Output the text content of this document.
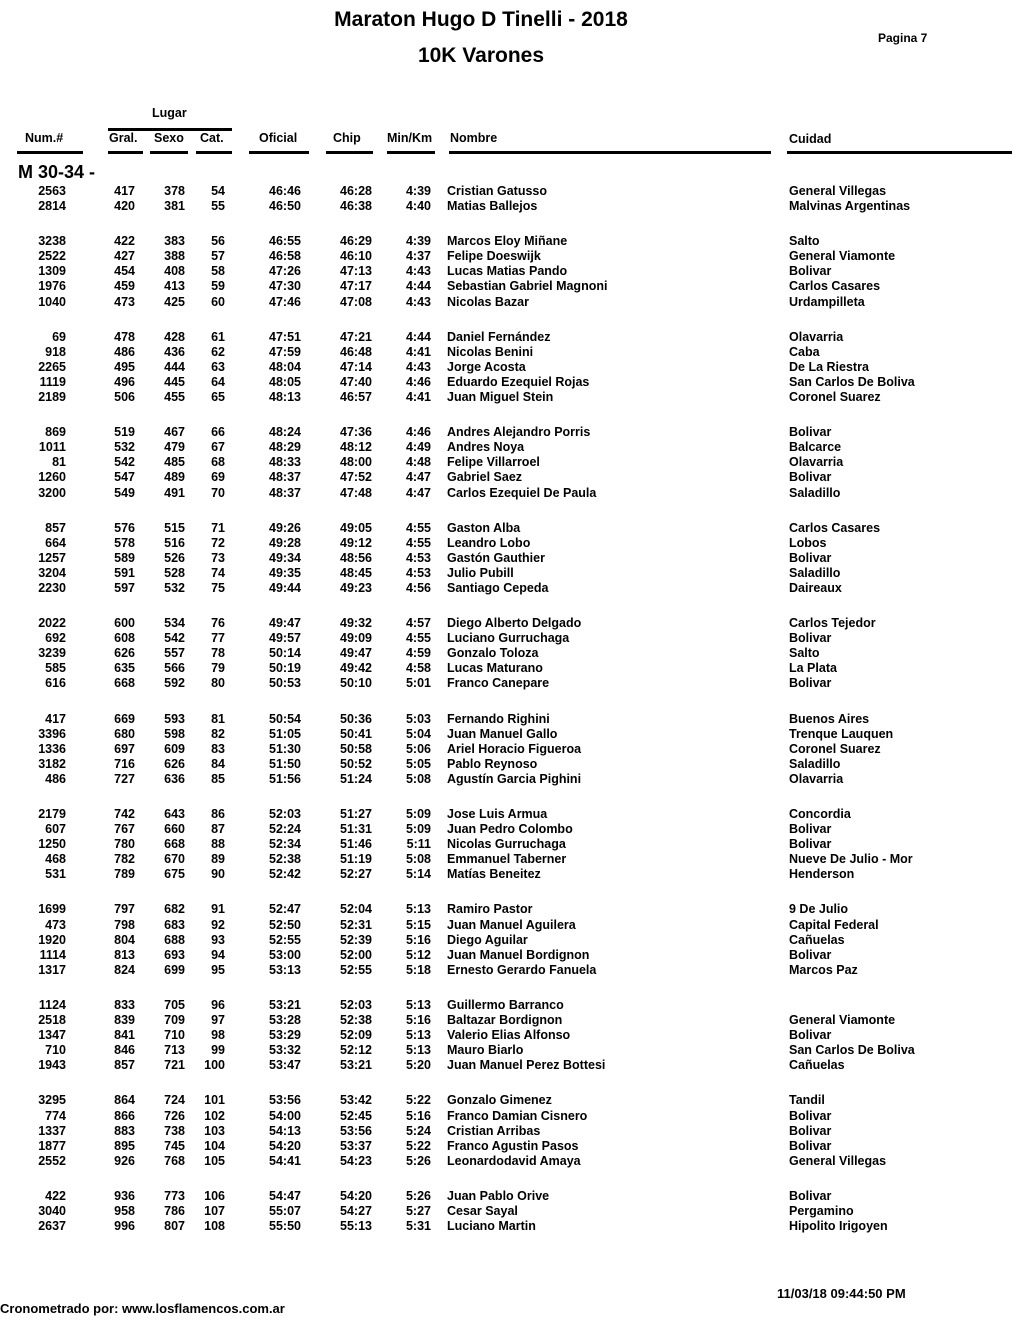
Maraton Hugo D Tinelli - 2018
10K Varones
Pagina 7
Lugar
Num.#	Gral. Sexo Cat.	Oficial	Chip Min/Km Nombre	Cuidad
M 30-34 -
2563	417	378	54	46:46	46:28	4:39 Cristian Gatusso	General Villegas
2814	420	381	55	46:50	46:38	4:40 Matias Ballejos	Malvinas Argentinas
3238	422	383	56	46:55	46:29	4:39 Marcos Eloy Miñane	Salto
2522	427	388	57	46:58	46:10	4:37 Felipe Doeswijk	General Viamonte
1309	454	408	58	47:26	47:13	4:43 Lucas Matias Pando	Bolivar
1976	459	413	59	47:30	47:17	4:44 Sebastian Gabriel Magnoni	Carlos Casares
1040	473	425	60	47:46	47:08	4:43 Nicolas Bazar	Urdampilleta
69	478	428	61	47:51	47:21	4:44 Daniel Fernández	Olavarria
918	486	436	62	47:59	46:48	4:41 Nicolas Benini	Caba
2265	495	444	63	48:04	47:14	4:43 Jorge Acosta	De La Riestra
1119	496	445	64	48:05	47:40	4:46 Eduardo Ezequiel Rojas	San Carlos De Boliva
2189	506	455	65	48:13	46:57	4:41 Juan Miguel Stein	Coronel Suarez
869	519	467	66	48:24	47:36	4:46 Andres Alejandro Porris	Bolivar
1011	532	479	67	48:29	48:12	4:49 Andres Noya	Balcarce
81	542	485	68	48:33	48:00	4:48 Felipe Villarroel	Olavarria
1260	547	489	69	48:37	47:52	4:47 Gabriel Saez	Bolivar
3200	549	491	70	48:37	47:48	4:47 Carlos Ezequiel De Paula	Saladillo
857	576	515	71	49:26	49:05	4:55 Gaston Alba	Carlos Casares
664	578	516	72	49:28	49:12	4:55 Leandro Lobo	Lobos
1257	589	526	73	49:34	48:56	4:53 Gastón Gauthier	Bolivar
3204	591	528	74	49:35	48:45	4:53 Julio Pubill	Saladillo
2230	597	532	75	49:44	49:23	4:56 Santiago Cepeda	Daireaux
2022	600	534	76	49:47	49:32	4:57 Diego Alberto Delgado	Carlos Tejedor
692	608	542	77	49:57	49:09	4:55 Luciano Gurruchaga	Bolivar
3239	626	557	78	50:14	49:47	4:59 Gonzalo Toloza	Salto
585	635	566	79	50:19	49:42	4:58 Lucas Maturano	La Plata
616	668	592	80	50:53	50:10	5:01 Franco Canepare	Bolivar
417	669	593	81	50:54	50:36	5:03 Fernando Righini	Buenos Aires
3396	680	598	82	51:05	50:41	5:04 Juan Manuel Gallo	Trenque Lauquen
1336	697	609	83	51:30	50:58	5:06 Ariel Horacio Figueroa	Coronel Suarez
3182	716	626	84	51:50	50:52	5:05 Pablo Reynoso	Saladillo
486	727	636	85	51:56	51:24	5:08 Agustín Garcia Pighini	Olavarria
2179	742	643	86	52:03	51:27	5:09 Jose Luis Armua	Concordia
607	767	660	87	52:24	51:31	5:09 Juan Pedro Colombo	Bolivar
1250	780	668	88	52:34	51:46	5:11 Nicolas Gurruchaga	Bolivar
468	782	670	89	52:38	51:19	5:08 Emmanuel Taberner	Nueve De Julio - Mor
531	789	675	90	52:42	52:27	5:14 Matías Beneitez	Henderson
1699	797	682	91	52:47	52:04	5:13 Ramiro Pastor	9 De Julio
473	798	683	92	52:50	52:31	5:15 Juan Manuel Aguilera	Capital Federal
1920	804	688	93	52:55	52:39	5:16 Diego Aguilar	Cañuelas
1114	813	693	94	53:00	52:00	5:12 Juan Manuel Bordignon	Bolivar
1317	824	699	95	53:13	52:55	5:18 Ernesto Gerardo Fanuela	Marcos Paz
1124	833	705	96	53:21	52:03	5:13 Guillermo Barranco
2518	839	709	97	53:28	52:38	5:16 Baltazar Bordignon	General Viamonte
1347	841	710	98	53:29	52:09	5:13 Valerio Elias Alfonso	Bolivar
710	846	713	99	53:32	52:12	5:13 Mauro Biarlo	San Carlos De Boliva
1943	857	721	100	53:47	53:21	5:20 Juan Manuel Perez Bottesi	Cañuelas
3295	864	724	101	53:56	53:42	5:22 Gonzalo Gimenez	Tandil
774	866	726	102	54:00	52:45	5:16 Franco Damian Cisnero	Bolivar
1337	883	738	103	54:13	53:56	5:24 Cristian Arribas	Bolivar
1877	895	745	104	54:20	53:37	5:22 Franco Agustin Pasos	Bolivar
2552	926	768	105	54:41	54:23	5:26 Leonardodavid Amaya	General Villegas
422	936	773	106	54:47	54:20	5:26 Juan Pablo Orive	Bolivar
3040	958	786	107	55:07	54:27	5:27 Cesar Sayal	Pergamino
2637	996	807	108	55:50	55:13	5:31 Luciano Martin	Hipolito Irigoyen
11/03/18 09:44:50 PM
Cronometrado por: www.losflamencos.com.ar
